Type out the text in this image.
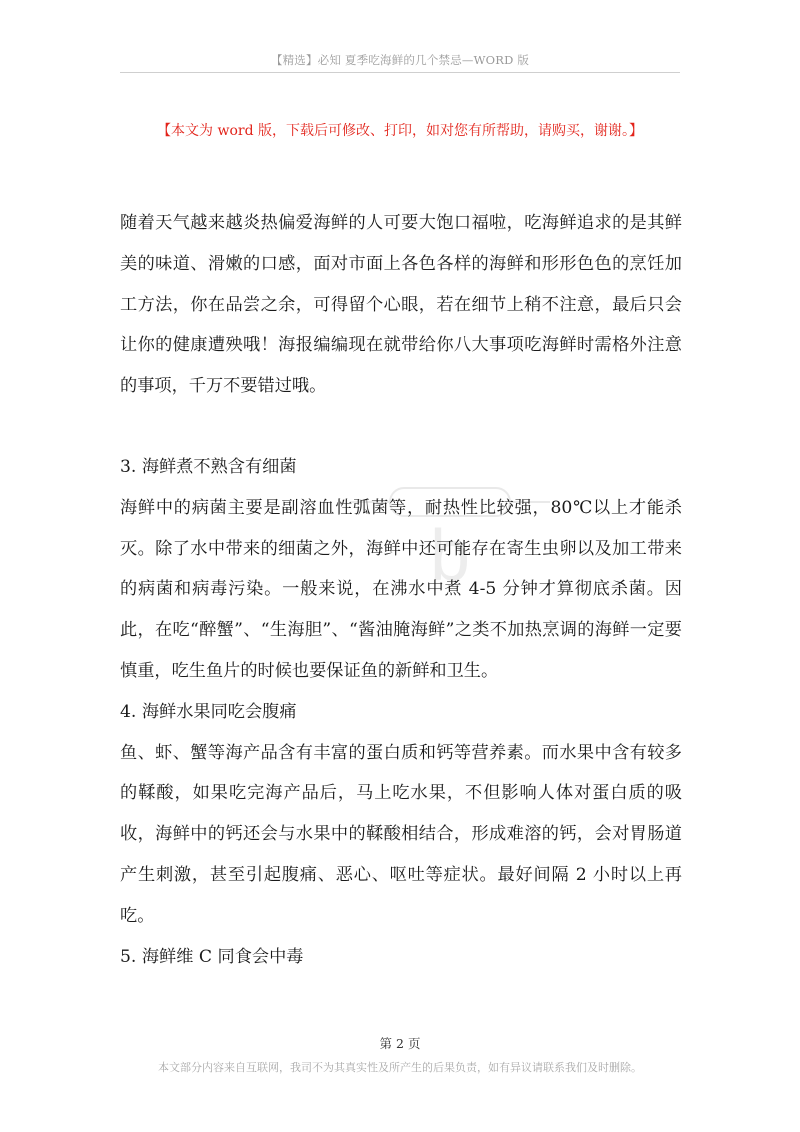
【精选】必知 夏季吃海鲜的几个禁忌—WORD 版
【本文为 word 版，下载后可修改、打印，如对您有所帮助，请购买，谢谢。】
b

随着天气越来越炎热偏爱海鲜的人可要大饱口福啦，吃海鲜追求的是其鲜美的味道、滑嫩的口感，面对市面上各色各样的海鲜和形形色色的烹饪加工方法，你在品尝之余，可得留个心眼，若在细节上稍不注意，最后只会让你的健康遭殃哦！海报编编现在就带给你八大事项吃海鲜时需格外注意的事项，千万不要错过哦。

3. 海鲜煮不熟含有细菌

海鲜中的病菌主要是副溶血性弧菌等，耐热性比较强，80℃以上才能杀灭。除了水中带来的细菌之外，海鲜中还可能存在寄生虫卵以及加工带来的病菌和病毒污染。一般来说，在沸水中煮 4-5 分钟才算彻底杀菌。因此，在吃“醉蟹”、“生海胆”、“酱油腌海鲜”之类不加热烹调的海鲜一定要慎重，吃生鱼片的时候也要保证鱼的新鲜和卫生。

4. 海鲜水果同吃会腹痛

鱼、虾、蟹等海产品含有丰富的蛋白质和钙等营养素。而水果中含有较多的鞣酸，如果吃完海产品后，马上吃水果，不但影响人体对蛋白质的吸收，海鲜中的钙还会与水果中的鞣酸相结合，形成难溶的钙，会对胃肠道产生刺激，甚至引起腹痛、恶心、呕吐等症状。最好间隔 2 小时以上再吃。

5. 海鲜维 C 同食会中毒

第 2 页
本文部分内容来自互联网，我司不为其真实性及所产生的后果负责，如有异议请联系我们及时删除。
